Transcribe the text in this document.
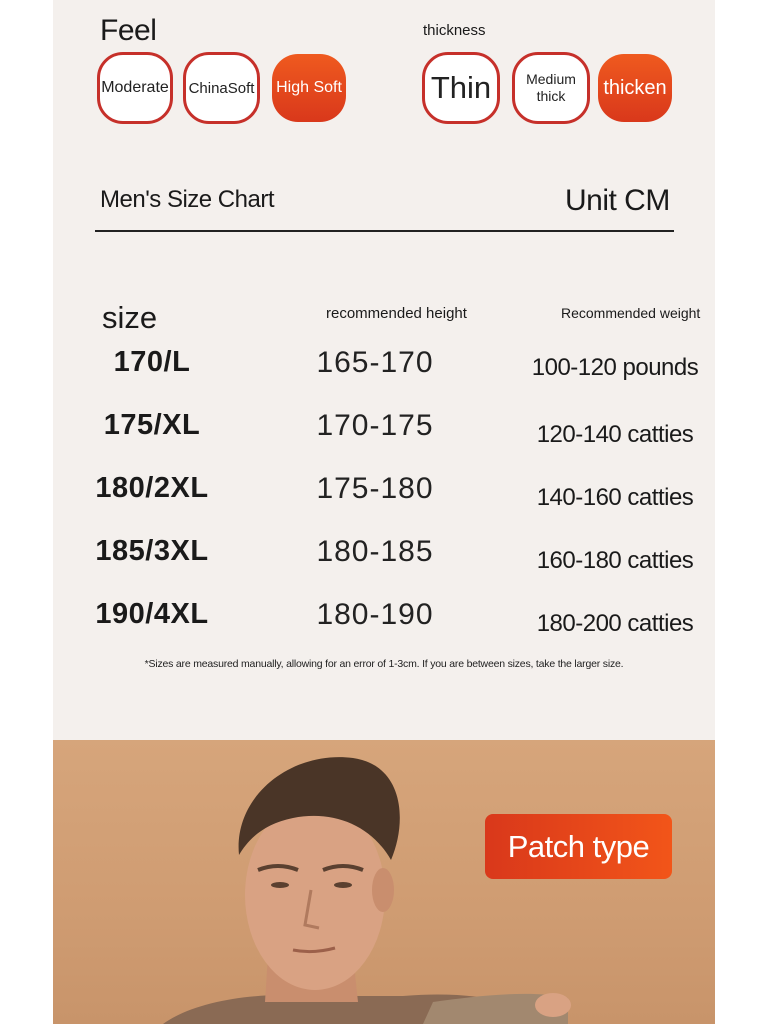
Feel
Moderate	ChinaSoft	High Soft
thickness
Thin	Medium thick	thicken
Men's Size Chart	Unit CM
size	recommended height	Recommended weight
170/L	165-170	100-120 pounds
175/XL	170-175	120-140 catties
180/2XL	175-180	140-160 catties
185/3XL	180-185	160-180 catties
190/4XL	180-190	180-200 catties
*Sizes are measured manually, allowing for an error of 1-3cm. If you are between sizes, take the larger size.
Patch type
